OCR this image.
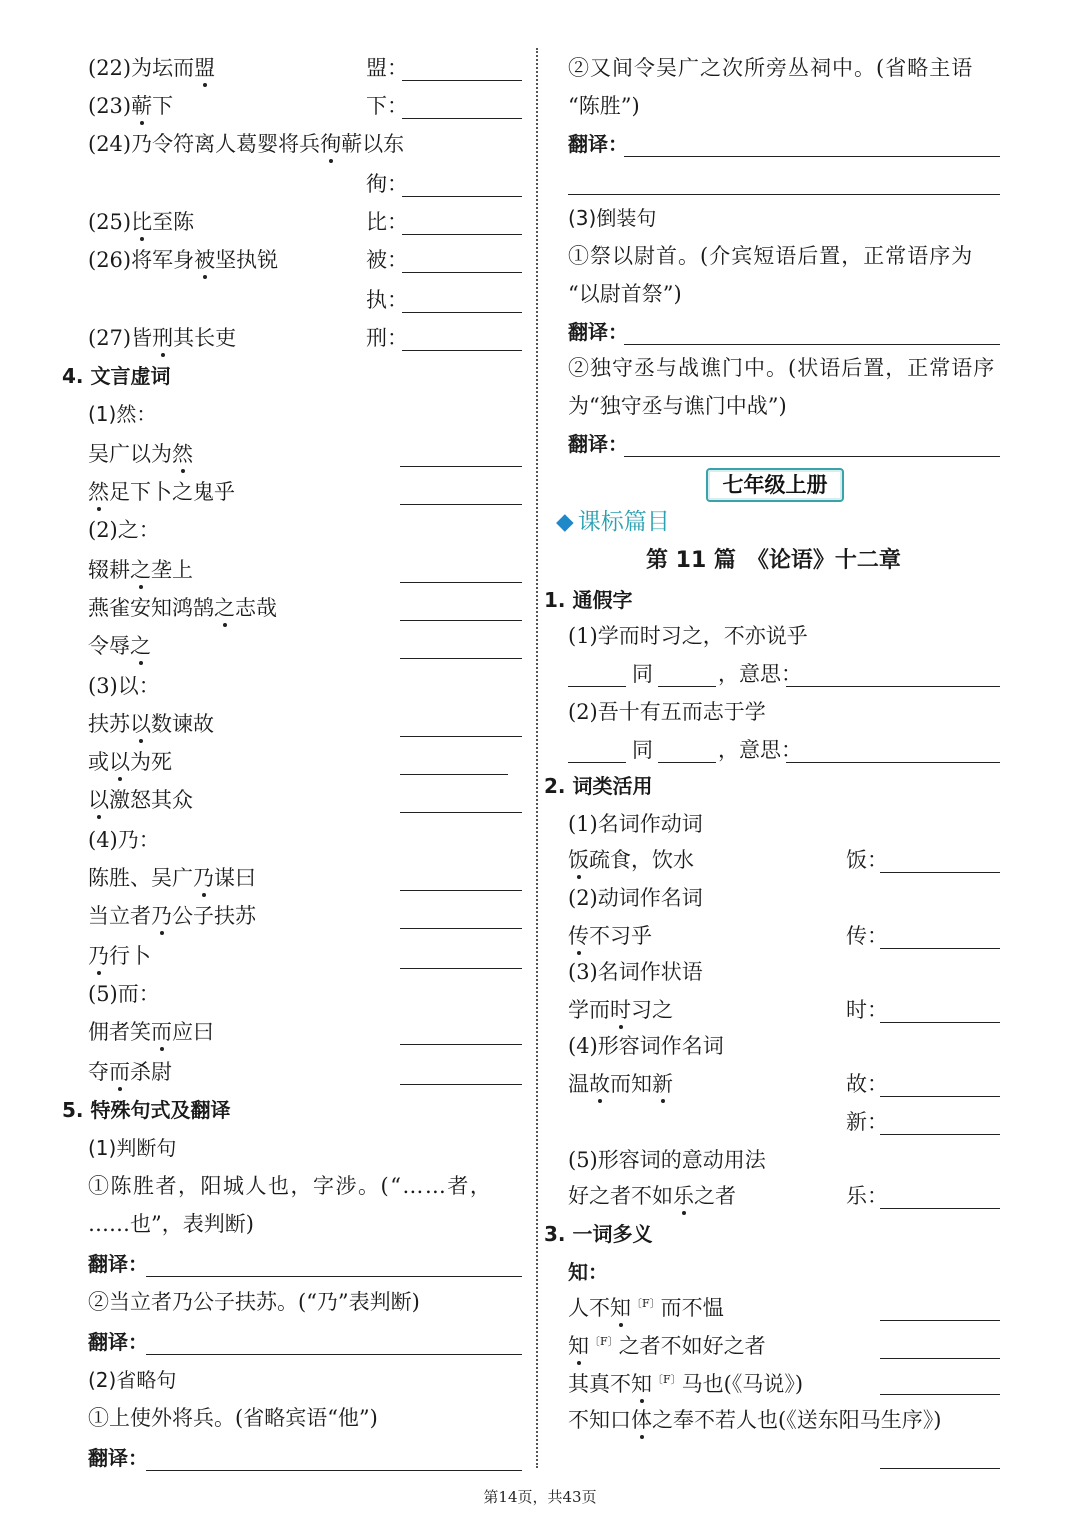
(22)为坛而盟	盟：
(23)蕲下	下：
(24)乃令符离人葛婴将兵徇蕲以东
徇：
(25)比至陈	比：
(26)将军身被坚执锐	被：
执：
(27)皆刑其长吏	刑：
4. 文言虚词
(1)然：
吴广以为然
然足下卜之鬼乎
(2)之：
辍耕之垄上
燕雀安知鸿鹄之志哉
令辱之
(3)以：
扶苏以数谏故
或以为死
以激怒其众
(4)乃：
陈胜、吴广乃谋曰
当立者乃公子扶苏
乃行卜
(5)而：
佣者笑而应曰
夺而杀尉
5. 特殊句式及翻译
(1)判断句
①陈胜者，阳城人也，字涉。(“……者，
……也”，表判断)
翻译：
②当立者乃公子扶苏。(“乃”表判断)
翻译：
(2)省略句
①上使外将兵。(省略宾语“他”)
翻译：
②又间令吴广之次所旁丛祠中。(省略主语
“陈胜”)
翻译：
(3)倒装句
①祭以尉首。(介宾短语后置，正常语序为
“以尉首祭”)
翻译：
②独守丞与战谯门中。(状语后置，正常语序
为“独守丞与谯门中战”)
翻译：
七年级上册
◆ 课标篇目
第 11 篇　《论语》十二章
1. 通假字
(1)学而时习之，不亦说乎
同	，意思：
(2)吾十有五而志于学
同	，意思：
2. 词类活用
(1)名词作动词
饭疏食，饮水	饭：
(2)动词作名词
传不习乎	传：
(3)名词作状语
学而时习之	时：
(4)形容词作名词
温故而知新	故：
新：
(5)形容词的意动用法
好之者不如乐之者	乐：
3. 一词多义
知：
人不知$^{〔F〕}$而不愠
知$^{〔F〕}$之者不如好之者
其真不知$^{〔F〕}$马也(《马说》)
不知口体之奉不若人也(《送东阳马生序》)
第14页，共43页
